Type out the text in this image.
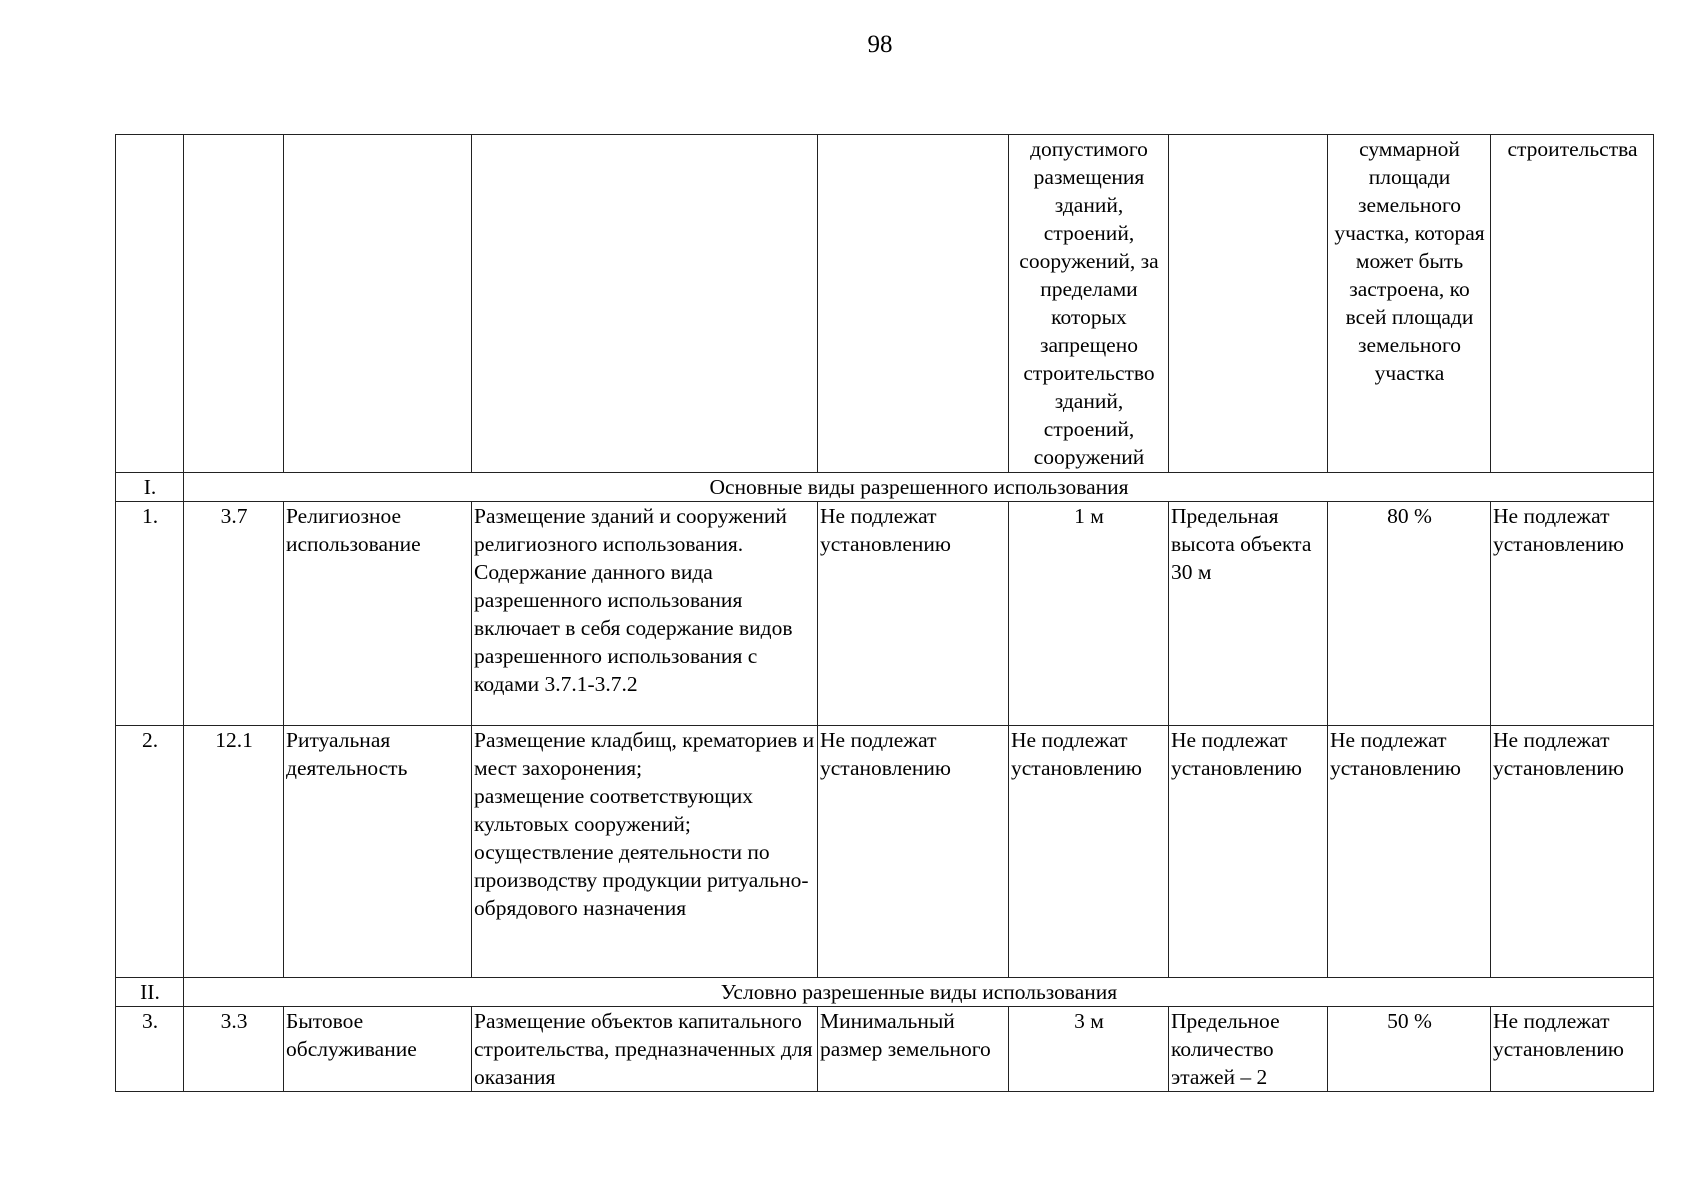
98
					допустимого размещения зданий, строений, сооружений, за пределами которых запрещено строительство зданий, строений, сооружений		суммарной площади земельного участка, которая может быть застроена, ко всей площади земельного участка	строительства
I.	Основные виды разрешенного использования							
1.	3.7	Религиозное использование	Размещение зданий и сооружений религиозного использования. Содержание данного вида разрешенного использования включает в себя содержание видов разрешенного использования с кодами 3.7.1-3.7.2	Не подлежат установлению	1 м	Предельная высота объекта 30 м	80 %	Не подлежат установлению
2.	12.1	Ритуальная деятельность	Размещение кладбищ, крематориев и мест захоронения;
размещение соответствующих культовых сооружений;
осуществление деятельности по производству продукции ритуально-обрядового назначения	Не подлежат установлению	Не подлежат установлению	Не подлежат установлению	Не подлежат установлению	Не подлежат установлению
II.	Условно разрешенные виды использования							
3.	3.3	Бытовое обслуживание	Размещение объектов капитального строительства, предназначенных для оказания	Минимальный размер земельного	3 м	Предельное количество этажей – 2	50 %	Не подлежат установлению
